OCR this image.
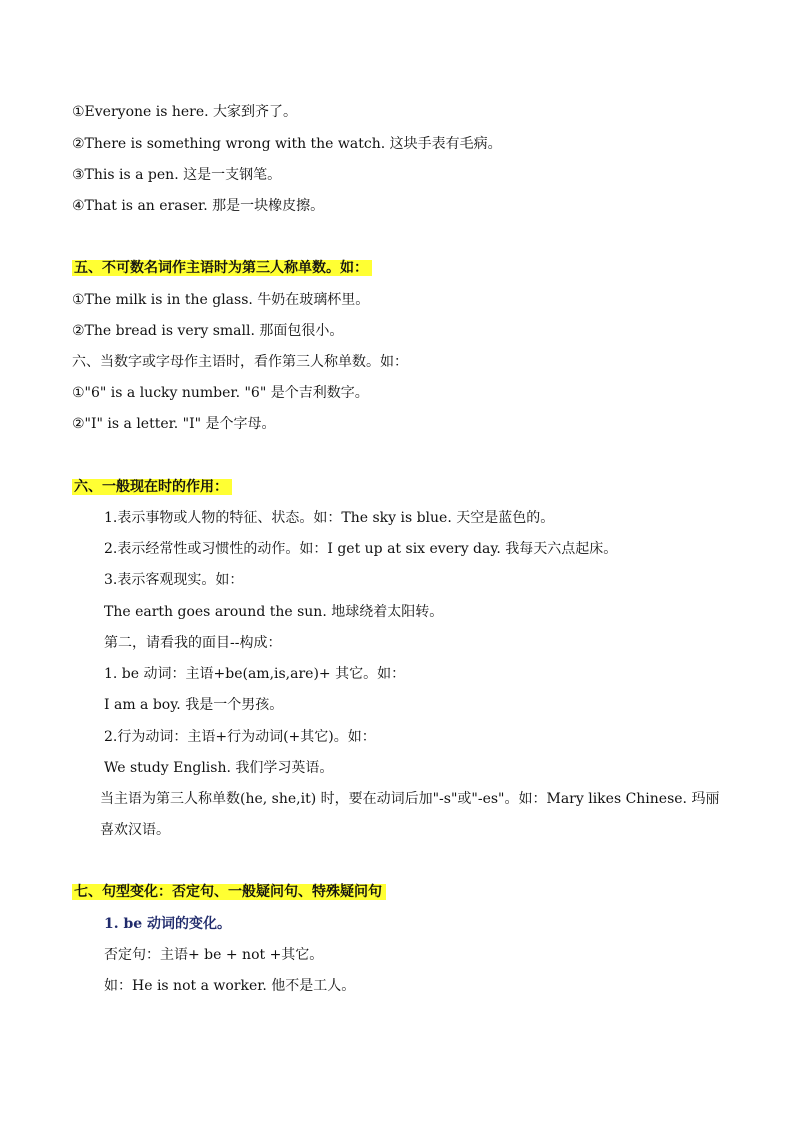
①Everyone is here. 大家到齐了。
②There is something wrong with the watch. 这块手表有毛病。
③This is a pen. 这是一支钢笔。
④That is an eraser. 那是一块橡皮擦。
五、不可数名词作主语时为第三人称单数。如：
①The milk is in the glass. 牛奶在玻璃杯里。
②The bread is very small. 那面包很小。
六、当数字或字母作主语时，看作第三人称单数。如：
①"6" is a lucky number. "6" 是个吉利数字。
②"I" is a letter. "I" 是个字母。
六、一般现在时的作用：
1.表示事物或人物的特征、状态。如：The sky is blue. 天空是蓝色的。
2.表示经常性或习惯性的动作。如：I get up at six every day. 我每天六点起床。
3.表示客观现实。如：
The earth goes around the sun. 地球绕着太阳转。
第二，请看我的面目--构成：
1. be 动词：主语+be(am,is,are)+ 其它。如：
I am a boy. 我是一个男孩。
2.行为动词：主语+行为动词(+其它)。如：
We study English. 我们学习英语。
当主语为第三人称单数(he, she,it) 时，要在动词后加"-s"或"-es"。如：Mary likes Chinese. 玛丽喜欢汉语。
七、句型变化：否定句、一般疑问句、特殊疑问句
1. be 动词的变化。
否定句：主语+ be + not +其它。
如：He is not a worker. 他不是工人。
